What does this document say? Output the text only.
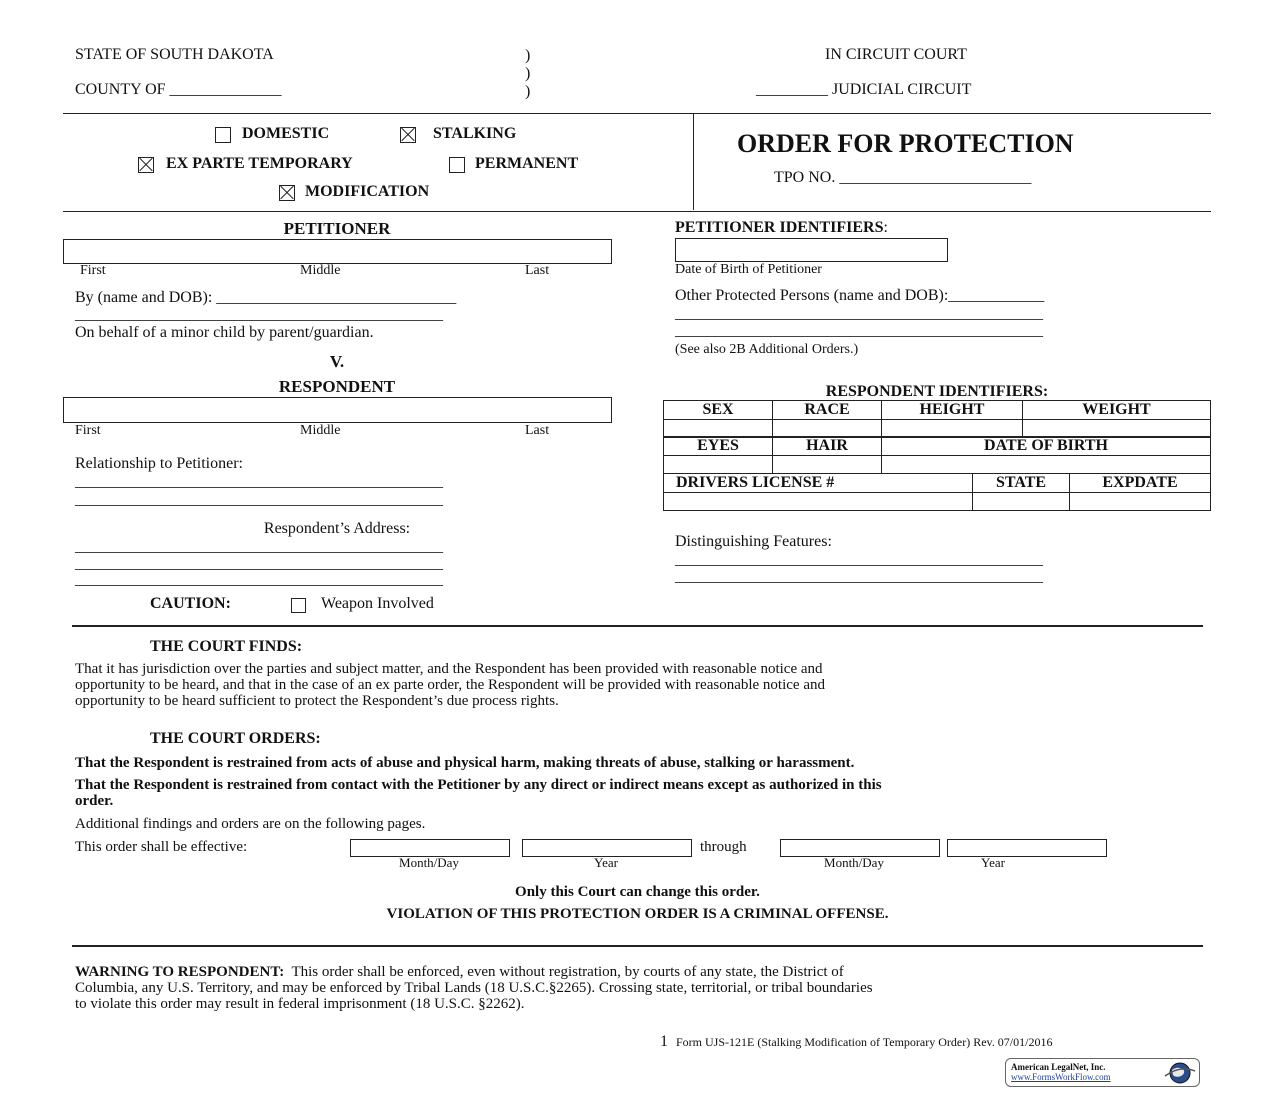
STATE OF SOUTH DAKOTA
COUNTY OF ______________
)
)
)
IN CIRCUIT COURT
_________ JUDICIAL CIRCUIT
DOMESTIC	STALKING
EX PARTE TEMPORARY	PERMANENT
MODIFICATION
ORDER FOR PROTECTION
TPO NO. ________________________
PETITIONER
First	Middle	Last
By (name and DOB): ______________________________
______________________________________________
On behalf of a minor child by parent/guardian.
V.
PETITIONER IDENTIFIERS:
Date of Birth of Petitioner
Other Protected Persons (name and DOB):____________
______________________________________________
______________________________________________
(See also 2B Additional Orders.)
RESPONDENT
First	Middle	Last
Relationship to Petitioner:
______________________________________________
______________________________________________
Respondent’s Address:
______________________________________________
______________________________________________
______________________________________________
RESPONDENT IDENTIFIERS:
SEX	RACE	HEIGHT	WEIGHT

EYES	HAIR	DATE OF BIRTH

DRIVERS LICENSE #	STATE	EXPDATE

Distinguishing Features:
______________________________________________
______________________________________________
CAUTION:	Weapon Involved
THE COURT FINDS:
That it has jurisdiction over the parties and subject matter, and the Respondent has been provided with reasonable notice and
opportunity to be heard, and that in the case of an ex parte order, the Respondent will be provided with reasonable notice and
opportunity to be heard sufficient to protect the Respondent’s due process rights.
THE COURT ORDERS:
That the Respondent is restrained from acts of abuse and physical harm, making threats of abuse, stalking or harassment.
That the Respondent is restrained from contact with the Petitioner by any direct or indirect means except as authorized in this
order.
Additional findings and orders are on the following pages.
This order shall be effective:	through
Month/Day	Year	Month/Day	Year
Only this Court can change this order.
VIOLATION OF THIS PROTECTION ORDER IS A CRIMINAL OFFENSE.
WARNING TO RESPONDENT: This order shall be enforced, even without registration, by courts of any state, the District of
Columbia, any U.S. Territory, and may be enforced by Tribal Lands (18 U.S.C.§2265). Crossing state, territorial, or tribal boundaries
to violate this order may result in federal imprisonment (18 U.S.C. §2262).
1 Form UJS-121E (Stalking Modification of Temporary Order) Rev. 07/01/2016
American LegalNet, Inc.
www.FormsWorkFlow.com
